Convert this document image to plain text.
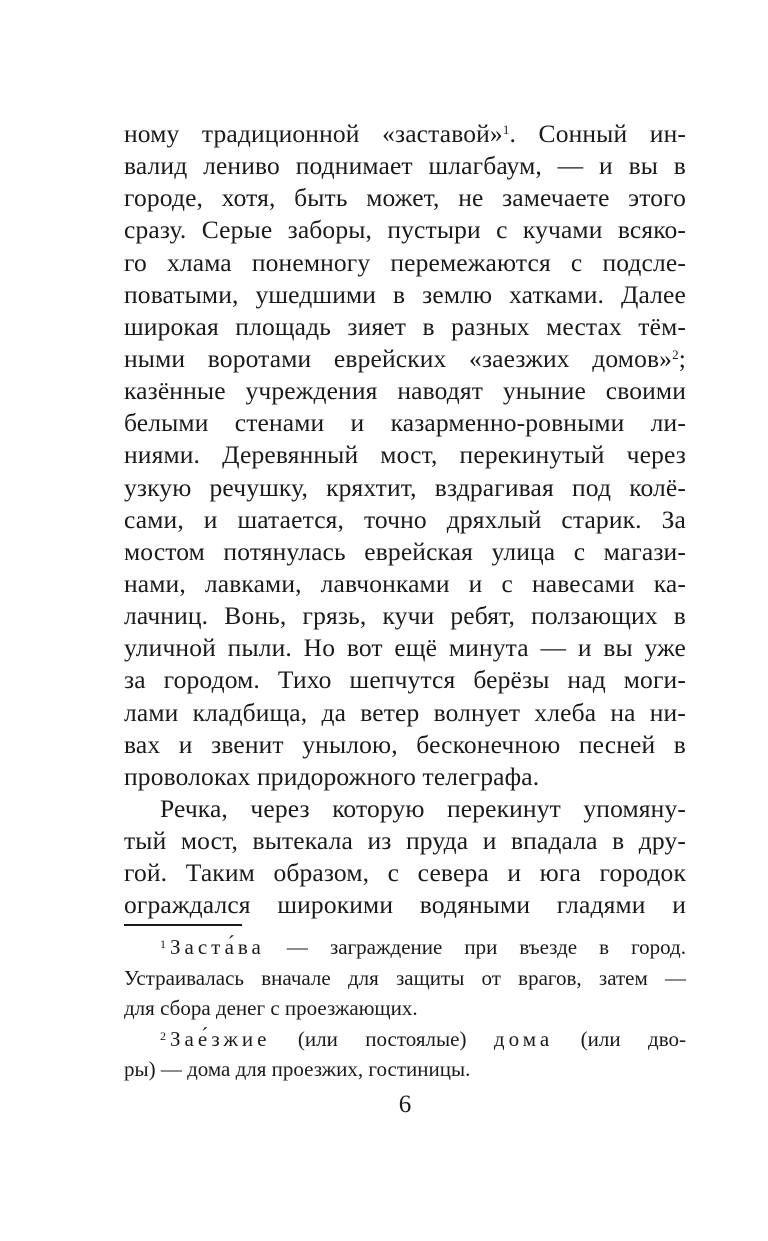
ному традиционной «заставой»$^1$. Сонный ин-
валид лениво поднимает шлагбаум, — и вы в
городе, хотя, быть может, не замечаете этого
сразу. Серые заборы, пустыри с кучами всяко-
го хлама понемногу перемежаются с подсле-
поватыми, ушедшими в землю хатками. Далее
широкая площадь зияет в разных местах тём-
ными воротами еврейских «заезжих домов»$^2$;
казённые учреждения наводят уныние своими
белыми стенами и казарменно-ровными ли-
ниями. Деревянный мост, перекинутый через
узкую речушку, кряхтит, вздрагивая под колё-
сами, и шатается, точно дряхлый старик. За
мостом потянулась еврейская улица с магази-
нами, лавками, лавчонками и с навесами ка-
лачниц. Вонь, грязь, кучи ребят, ползающих в
уличной пыли. Но вот ещё минута — и вы уже
за городом. Тихо шепчутся берёзы над моги-
лами кладбища, да ветер волнует хлеба на ни-
вах и звенит унылою, бесконечною песней в
проволоках придорожного телеграфа.
Речка, через которую перекинут упомяну-
тый мост, вытекала из пруда и впадала в дру-
гой. Таким образом, с севера и юга городок
ограждался широкими водяными гладями и
$^1$ Заста́ва — заграждение при въезде в город.
Устраивалась вначале для защиты от врагов, затем —
для сбора денег с проезжающих.
$^2$ Зае́зжие (или постоялые) дома (или дво-
ры) — дома для проезжих, гостиницы.
6
